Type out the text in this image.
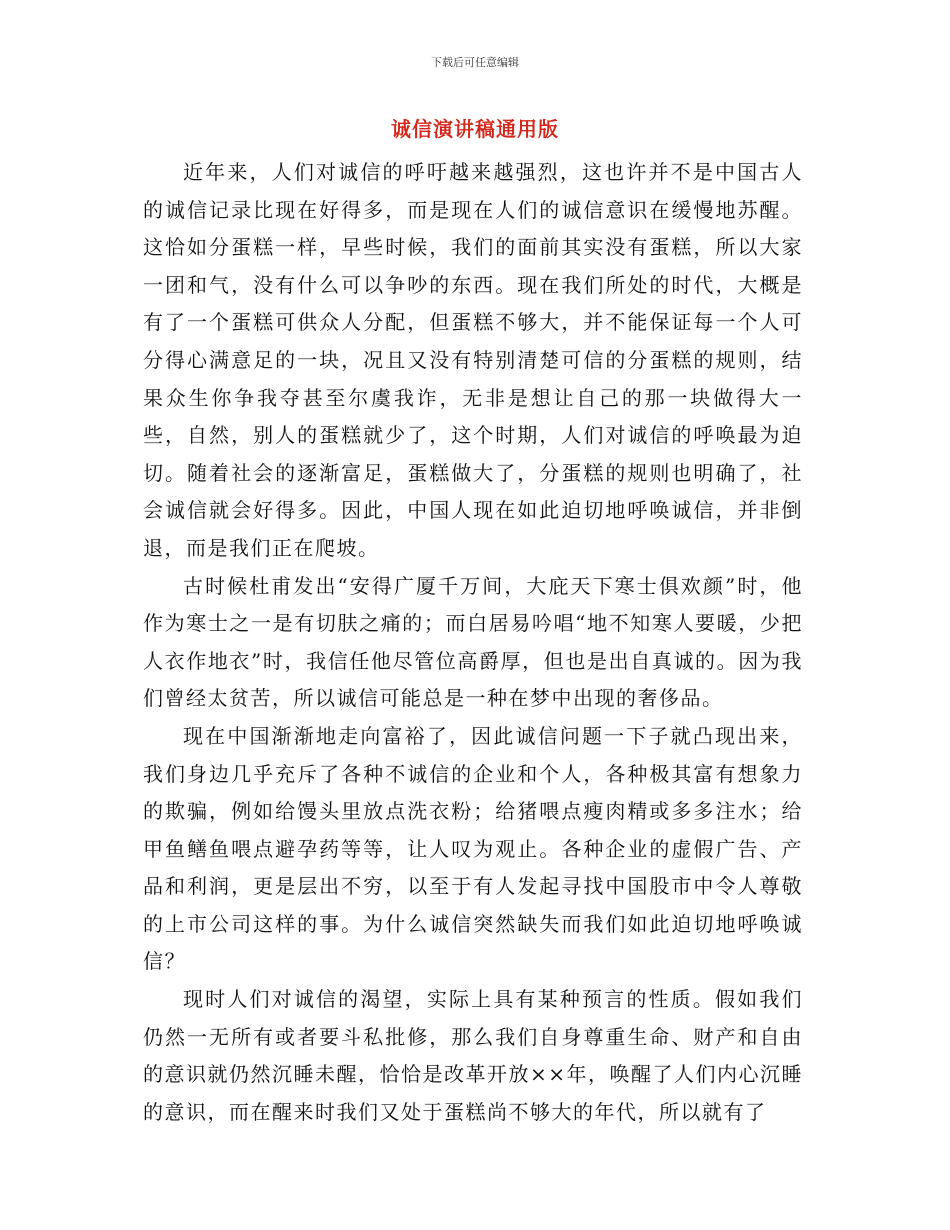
下载后可任意编辑
诚信演讲稿通用版

近年来，人们对诚信的呼吁越来越强烈，这也许并不是中国古人的诚信记录比现在好得多，而是现在人们的诚信意识在缓慢地苏醒。这恰如分蛋糕一样，早些时候，我们的面前其实没有蛋糕，所以大家一团和气，没有什么可以争吵的东西。现在我们所处的时代，大概是有了一个蛋糕可供众人分配，但蛋糕不够大，并不能保证每一个人可分得心满意足的一块，况且又没有特别清楚可信的分蛋糕的规则，结果众生你争我夺甚至尔虞我诈，无非是想让自己的那一块做得大一些，自然，别人的蛋糕就少了，这个时期，人们对诚信的呼唤最为迫切。随着社会的逐渐富足，蛋糕做大了，分蛋糕的规则也明确了，社会诚信就会好得多。因此，中国人现在如此迫切地呼唤诚信，并非倒退，而是我们正在爬坡。

古时候杜甫发出“安得广厦千万间，大庇天下寒士俱欢颜”时，他作为寒士之一是有切肤之痛的；而白居易吟唱“地不知寒人要暖，少把人衣作地衣”时，我信任他尽管位高爵厚，但也是出自真诚的。因为我们曾经太贫苦，所以诚信可能总是一种在梦中出现的奢侈品。

现在中国渐渐地走向富裕了，因此诚信问题一下子就凸现出来，我们身边几乎充斥了各种不诚信的企业和个人，各种极其富有想象力的欺骗，例如给馒头里放点洗衣粉；给猪喂点瘦肉精或多多注水；给甲鱼鳝鱼喂点避孕药等等，让人叹为观止。各种企业的虚假广告、产品和利润，更是层出不穷，以至于有人发起寻找中国股市中令人尊敬的上市公司这样的事。为什么诚信突然缺失而我们如此迫切地呼唤诚信？

现时人们对诚信的渴望，实际上具有某种预言的性质。假如我们仍然一无所有或者要斗私批修，那么我们自身尊重生命、财产和自由的意识就仍然沉睡未醒，恰恰是改革开放××年，唤醒了人们内心沉睡的意识，而在醒来时我们又处于蛋糕尚不够大的年代，所以就有了
